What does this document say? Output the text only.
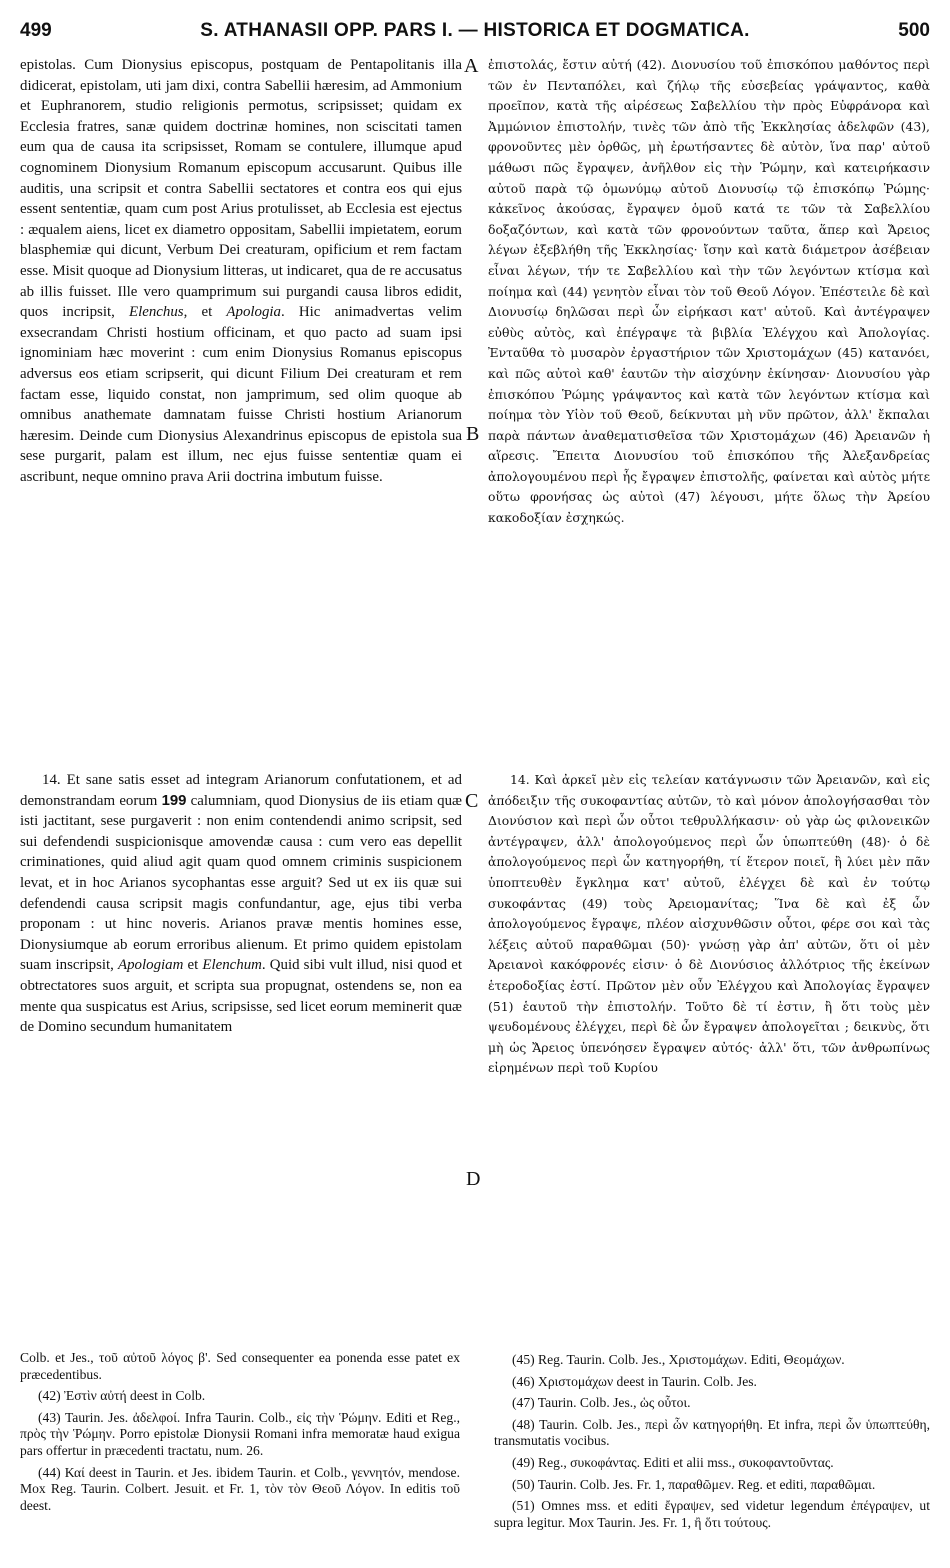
499	S. ATHANASII OPP. PARS I. — HISTORICA ET DOGMATICA.	500

epistolas. Cum Dionysius episcopus, postquam de Pentapolitanis illa didicerat, epistolam, uti jam dixi, contra Sabellii hæresim, ad Ammonium et Euphranorem, studio religionis permotus, scripsisset; quidam ex Ecclesia fratres, sanæ quidem doctrinæ homines, non sciscitati tamen eum qua de causa ita scripsisset, Romam se contulere, illumque apud cognominem Dionysium Romanum episcopum accusarunt. Quibus ille auditis, una scripsit et contra Sabellii sectatores et contra eos qui ejus essent sententiæ, quam cum post Arius protulisset, ab Ecclesia est ejectus : æqualem aiens, licet ex diametro oppositam, Sabellii impietatem, eorum blasphemiæ qui dicunt, Verbum Dei creaturam, opificium et rem factam esse. Misit quoque ad Dionysium litteras, ut indicaret, qua de re accusatus ab illis fuisset. Ille vero quamprimum sui purgandi causa libros edidit, quos incripsit, Elenchus, et Apologia. Hic animadvertas velim exsecrandam Christi hostium officinam, et quo pacto ad suam ipsi ignominiam hæc moverint : cum enim Dionysius Romanus episcopus adversus eos etiam scripserit, qui dicunt Filium Dei creaturam et rem factam esse, liquido constat, non jamprimum, sed olim quoque ab omnibus anathemate damnatam fuisse Christi hostium Arianorum hæresim. Deinde cum Dionysius Alexandrinus episcopus de epistola sua sese purgarit, palam est illum, nec ejus fuisse sententiæ quam ei ascribunt, neque omnino prava Arii doctrina imbutum fuisse.

14. Et sane satis esset ad integram Arianorum confutationem, et ad demonstrandam eorum 199 calumniam, quod Dionysius de iis etiam quæ isti jactitant, sese purgaverit : non enim contendendi animo scripsit, sed sui defendendi suspicionisque amovendæ causa : cum vero eas depellit criminationes, quid aliud agit quam quod omnem criminis suspicionem levat, et in hoc Arianos sycophantas esse arguit? Sed ut ex iis quæ sui defendendi causa scripsit magis confundantur, age, ejus tibi verba proponam : ut hinc noveris. Arianos pravæ mentis homines esse, Dionysiumque ab eorum erroribus alienum. Et primo quidem epistolam suam inscripsit, Apologiam et Elenchum. Quid sibi vult illud, nisi quod et obtrectatores suos arguit, et scripta sua propugnat, ostendens se, non ea mente qua suspicatus est Arius, scripsisse, sed licet eorum meminerit quæ de Domino secundum humanitatem

ἐπιστολάς, ἔστιν αὐτή (42). Διονυσίου τοῦ ἐπισκόπου μαθόντος περὶ τῶν ἐν Πενταπόλει, καὶ ζήλῳ τῆς εὐσεβείας γράψαντος, καθὰ προεῖπον, κατὰ τῆς αἱρέσεως Σαβελλίου τὴν πρὸς Εὐφράνορα καὶ Ἀμμώνιον ἐπιστολήν, τινὲς τῶν ἀπὸ τῆς Ἐκκλησίας ἀδελφῶν (43), φρονοῦντες μὲν ὀρθῶς, μὴ ἐρωτήσαντες δὲ αὐτὸν, ἵνα παρ' αὐτοῦ μάθωσι πῶς ἔγραψεν, ἀνῆλθον εἰς τὴν Ῥώμην, καὶ κατειρήκασιν αὐτοῦ παρὰ τῷ ὁμωνύμῳ αὐτοῦ Διονυσίῳ τῷ ἐπισκόπῳ Ῥώμης· κἀκεῖνος ἀκούσας, ἔγραψεν ὁμοῦ κατά τε τῶν τὰ Σαβελλίου δοξαζόντων, καὶ κατὰ τῶν φρονούντων ταῦτα, ἅπερ καὶ Ἄρειος λέγων ἐξεβλήθη τῆς Ἐκκλησίας· ἴσην καὶ κατὰ διάμετρον ἀσέβειαν εἶναι λέγων, τήν τε Σαβελλίου καὶ τὴν τῶν λεγόντων κτίσμα καὶ ποίημα καὶ (44) γενητὸν εἶναι τὸν τοῦ Θεοῦ Λόγον. Ἐπέστειλε δὲ καὶ Διονυσίῳ δηλῶσαι περὶ ὧν εἰρήκασι κατ' αὐτοῦ. Καὶ ἀντέγραψεν εὐθὺς αὐτὸς, καὶ ἐπέγραψε τὰ βιβλία Ἐλέγχου καὶ Ἀπολογίας. Ἐνταῦθα τὸ μυσαρὸν ἐργαστήριον τῶν Χριστομάχων (45) κατανόει, καὶ πῶς αὐτοὶ καθ' ἑαυτῶν τὴν αἰσχύνην ἐκίνησαν· Διονυσίου γὰρ ἐπισκόπου Ῥώμης γράψαντος καὶ κατὰ τῶν λεγόντων κτίσμα καὶ ποίημα τὸν Υἱὸν τοῦ Θεοῦ, δείκνυται μὴ νῦν πρῶτον, ἀλλ' ἔκπαλαι παρὰ πάντων ἀναθεματισθεῖσα τῶν Χριστομάχων (46) Ἀρειανῶν ἡ αἵρεσις. Ἔπειτα Διονυσίου τοῦ ἐπισκόπου τῆς Ἀλεξανδρείας ἀπολογουμένου περὶ ἧς ἔγραψεν ἐπιστολῆς, φαίνεται καὶ αὐτὸς μήτε οὕτω φρονήσας ὡς αὐτοὶ (47) λέγουσι, μήτε ὅλως τὴν Ἀρείου κακοδοξίαν ἐσχηκώς.

14. Καὶ ἀρκεῖ μὲν εἰς τελείαν κατάγνωσιν τῶν Ἀρειανῶν, καὶ εἰς ἀπόδειξιν τῆς συκοφαντίας αὐτῶν, τὸ καὶ μόνον ἀπολογήσασθαι τὸν Διονύσιον καὶ περὶ ὧν οὗτοι τεθρυλλήκασιν· οὐ γὰρ ὡς φιλονεικῶν ἀντέγραψεν, ἀλλ' ἀπολογούμενος περὶ ὧν ὑπωπτεύθη (48)· ὁ δὲ ἀπολογούμενος περὶ ὧν κατηγορήθη, τί ἕτερον ποιεῖ, ἢ λύει μὲν πᾶν ὑποπτευθὲν ἔγκλημα κατ' αὐτοῦ, ἐλέγχει δὲ καὶ ἐν τούτῳ συκοφάντας (49) τοὺς Ἀρειομανίτας; Ἵνα δὲ καὶ ἐξ ὧν ἀπολογούμενος ἔγραψε, πλέον αἰσχυνθῶσιν οὗτοι, φέρε σοι καὶ τὰς λέξεις αὐτοῦ παραθῶμαι (50)· γνώσῃ γὰρ ἀπ' αὐτῶν, ὅτι οἱ μὲν Ἀρειανοὶ κακόφρονές εἰσιν· ὁ δὲ Διονύσιος ἀλλότριος τῆς ἐκείνων ἑτεροδοξίας ἐστί. Πρῶτον μὲν οὖν Ἐλέγχου καὶ Ἀπολογίας ἔγραψεν (51) ἑαυτοῦ τὴν ἐπιστολήν. Τοῦτο δὲ τί ἐστιν, ἢ ὅτι τοὺς μὲν ψευδομένους ἐλέγχει, περὶ δὲ ὧν ἔγραψεν ἀπολογεῖται ; δεικνὺς, ὅτι μὴ ὡς Ἄρειος ὑπενόησεν ἔγραψεν αὐτός· ἀλλ' ὅτι, τῶν ἀνθρωπίνως εἰρημένων περὶ τοῦ Κυρίου

A
B
C
D

Colb. et Jes., τοῦ αὐτοῦ λόγος β'. Sed consequenter ea ponenda esse patet ex præcedentibus.

(42) Ἐστὶν αὐτή deest in Colb.

(43) Taurin. Jes. ἀδελφοί. Infra Taurin. Colb., εἰς τὴν Ῥώμην. Editi et Reg., πρὸς τὴν Ῥώμην. Porro epistolæ Dionysii Romani infra memoratæ haud exigua pars offertur in præcedenti tractatu, num. 26.

(44) Καί deest in Taurin. et Jes. ibidem Taurin. et Colb., γεννητόν, mendose. Mox Reg. Taurin. Colbert. Jesuit. et Fr. 1, τὸν τὸν Θεοῦ Λόγον. In editis τοῦ deest.

(45) Reg. Taurin. Colb. Jes., Χριστομάχων. Editi, Θεομάχων.

(46) Χριστομάχων deest in Taurin. Colb. Jes.

(47) Taurin. Colb. Jes., ὡς οὗτοι.

(48) Taurin. Colb. Jes., περὶ ὧν κατηγορήθη. Et infra, περὶ ὧν ὑπωπτεύθη, transmutatis vocibus.

(49) Reg., συκοφάντας. Editi et alii mss., συκοφαντοῦντας.

(50) Taurin. Colb. Jes. Fr. 1, παραθῶμεν. Reg. et editi, παραθῶμαι.

(51) Omnes mss. et editi ἔγραψεν, sed videtur legendum ἐπέγραψεν, ut supra legitur. Mox Taurin. Jes. Fr. 1, ἢ ὅτι τούτους.
